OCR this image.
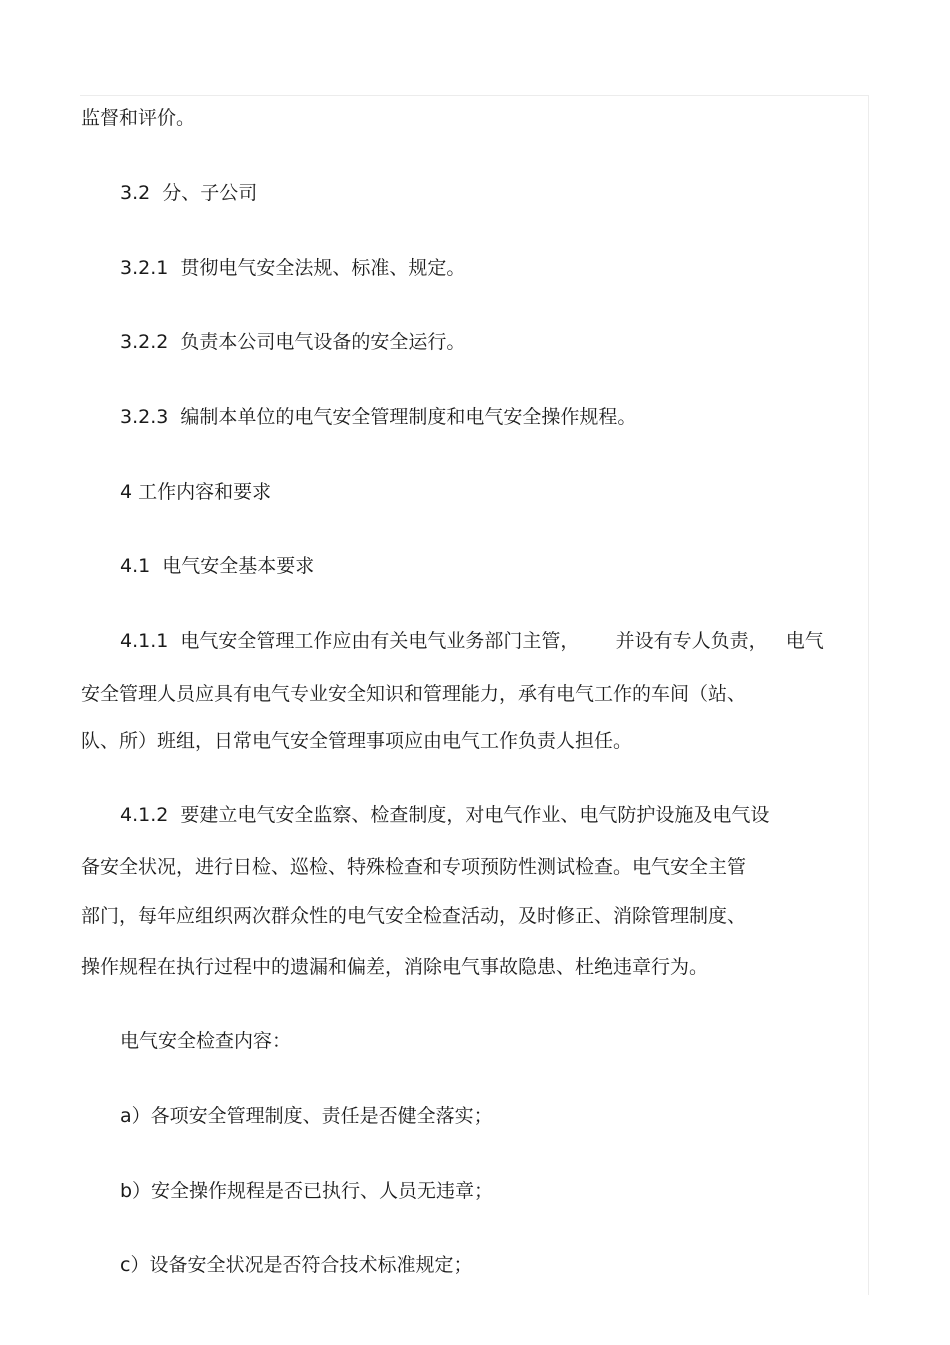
监督和评价。

3.2  分、子公司

3.2.1  贯彻电气安全法规、标准、规定。

3.2.2  负责本公司电气设备的安全运行。

3.2.3  编制本单位的电气安全管理制度和电气安全操作规程。

4 工作内容和要求

4.1  电气安全基本要求

4.1.1  电气安全管理工作应由有关电气业务部门主管，      并设有专人负责，   电气

安全管理人员应具有电气专业安全知识和管理能力，承有电气工作的车间（站、

队、所）班组，日常电气安全管理事项应由电气工作负责人担任。

4.1.2  要建立电气安全监察、检查制度，对电气作业、电气防护设施及电气设

备安全状况，进行日检、巡检、特殊检查和专项预防性测试检查。电气安全主管

部门，每年应组织两次群众性的电气安全检查活动，及时修正、消除管理制度、

操作规程在执行过程中的遗漏和偏差，消除电气事故隐患、杜绝违章行为。

电气安全检查内容：

a）各项安全管理制度、责任是否健全落实；

b）安全操作规程是否已执行、人员无违章；

c）设备安全状况是否符合技术标准规定；
